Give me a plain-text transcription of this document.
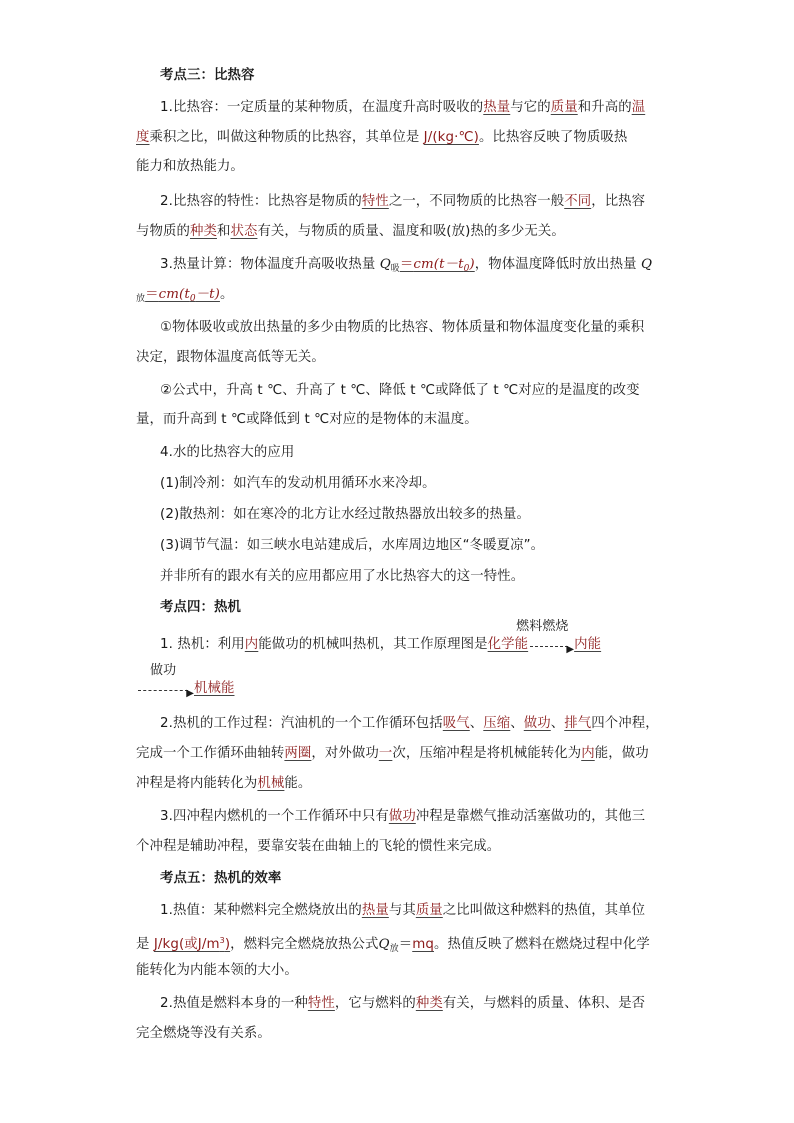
考点三：比热容
1.比热容：一定质量的某种物质，在温度升高时吸收的热量与它的质量和升高的温
度乘积之比，叫做这种物质的比热容，其单位是 J/(kg·℃)。比热容反映了物质吸热
能力和放热能力。
2.比热容的特性：比热容是物质的特性之一，不同物质的比热容一般不同，比热容
与物质的种类和状态有关，与物质的质量、温度和吸(放)热的多少无关。
3.热量计算：物体温度升高吸收热量 $Q_吸=cm(t-t_0)$，物体温度降低时放出热量 Q
$_放=cm(t_0-t)$。
①物体吸收或放出热量的多少由物质的比热容、物体质量和物体温度变化量的乘积
决定，跟物体温度高低等无关。
②公式中，升高 t ℃、升高了 t ℃、降低 t ℃或降低了 t ℃对应的是温度的改变
量，而升高到 t ℃或降低到 t ℃对应的是物体的末温度。
4.水的比热容大的应用
(1)制冷剂：如汽车的发动机用循环水来冷却。
(2)散热剂：如在寒冷的北方让水经过散热器放出较多的热量。
(3)调节气温：如三峡水电站建成后，水库周边地区“冬暖夏凉”。
并非所有的跟水有关的应用都应用了水比热容大的这一特性。
考点四：热机
1. 热机：利用内能做功的机械叫热机，其工作原理图是化学能
燃料燃烧
▶ 内能
做功
▶ 机械能
2.热机的工作过程：汽油机的一个工作循环包括吸气、压缩、做功、排气四个冲程，
完成一个工作循环曲轴转两圈，对外做功一次，压缩冲程是将机械能转化为内能，做功
冲程是将内能转化为机械能。
3.四冲程内燃机的一个工作循环中只有做功冲程是靠燃气推动活塞做功的，其他三
个冲程是辅助冲程，要靠安装在曲轴上的飞轮的惯性来完成。
考点五：热机的效率
1.热值：某种燃料完全燃烧放出的热量与其质量之比叫做这种燃料的热值，其单位
是 J/kg(或$J/m^3$)，燃料完全燃烧放热公式$Q_放=mq$。热值反映了燃料在燃烧过程中化学
能转化为内能本领的大小。
2.热值是燃料本身的一种特性，它与燃料的种类有关，与燃料的质量、体积、是否
完全燃烧等没有关系。
